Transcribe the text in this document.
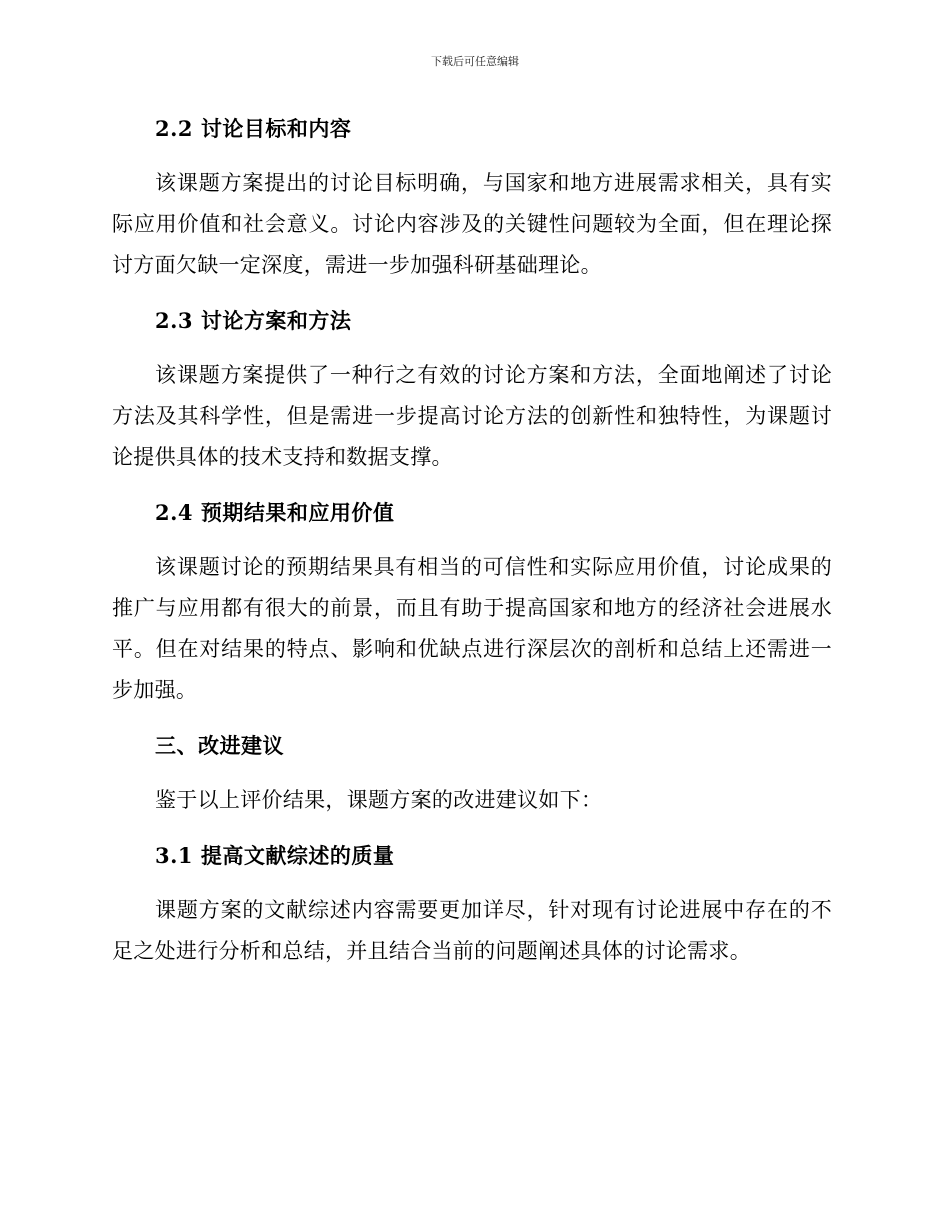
下载后可任意编辑
2.2 讨论目标和内容

该课题方案提出的讨论目标明确，与国家和地方进展需求相关，具有实际应用价值和社会意义。讨论内容涉及的关键性问题较为全面，但在理论探讨方面欠缺一定深度，需进一步加强科研基础理论。

2.3 讨论方案和方法

该课题方案提供了一种行之有效的讨论方案和方法，全面地阐述了讨论方法及其科学性，但是需进一步提高讨论方法的创新性和独特性，为课题讨论提供具体的技术支持和数据支撑。

2.4 预期结果和应用价值

该课题讨论的预期结果具有相当的可信性和实际应用价值，讨论成果的推广与应用都有很大的前景，而且有助于提高国家和地方的经济社会进展水平。但在对结果的特点、影响和优缺点进行深层次的剖析和总结上还需进一步加强。

三、改进建议

鉴于以上评价结果，课题方案的改进建议如下：

3.1 提高文献综述的质量

课题方案的文献综述内容需要更加详尽，针对现有讨论进展中存在的不足之处进行分析和总结，并且结合当前的问题阐述具体的讨论需求。
